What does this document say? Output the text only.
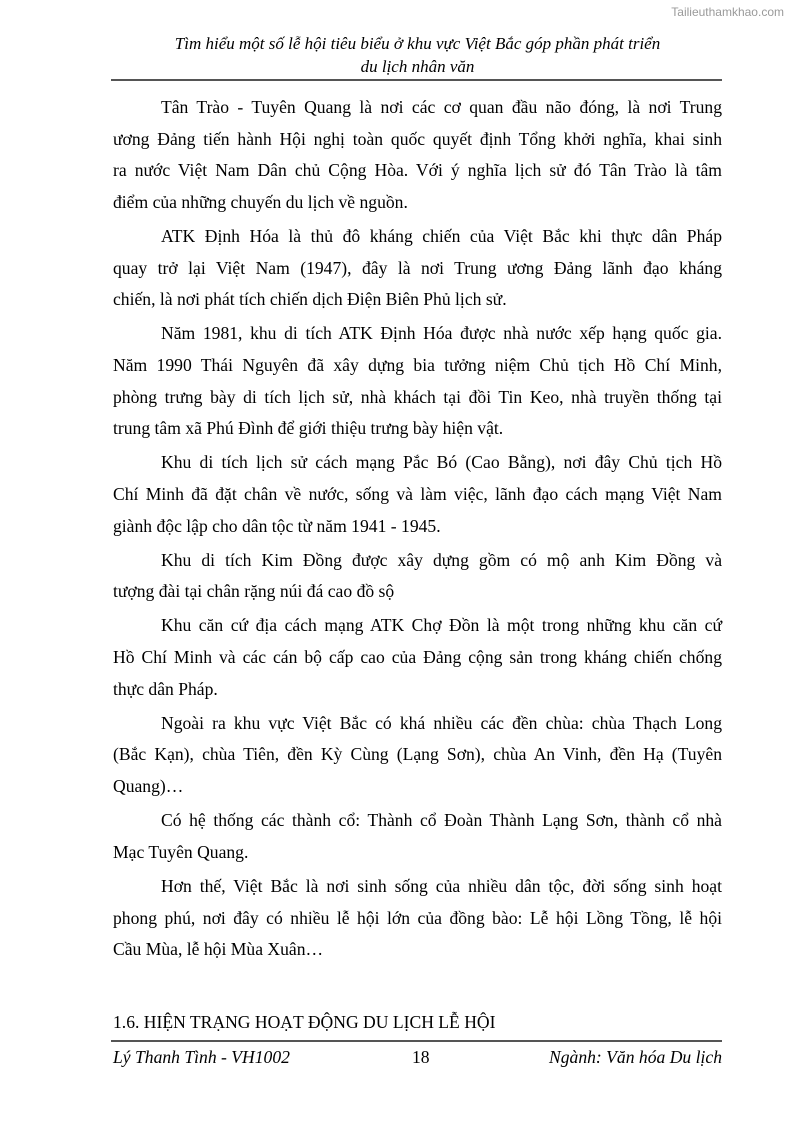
Tailieuthamkhao.com
Tìm hiểu một số lễ hội tiêu biểu ở khu vực Việt Bắc góp phần phát triển
du lịch nhân văn
Tân Trào - Tuyên Quang là nơi các cơ quan đầu não đóng, là nơi Trung
ương Đảng tiến hành Hội nghị toàn quốc quyết định Tổng khởi nghĩa, khai sinh
ra nước Việt Nam Dân chủ Cộng Hòa. Với ý nghĩa lịch sử đó Tân Trào là tâm
điểm của những chuyến du lịch về nguồn.
ATK Định Hóa là thủ đô kháng chiến của Việt Bắc khi thực dân Pháp
quay trở lại Việt Nam (1947), đây là nơi Trung ương Đảng lãnh đạo kháng
chiến, là nơi phát tích chiến dịch Điện Biên Phủ lịch sử.
Năm 1981, khu di tích ATK Định Hóa được nhà nước xếp hạng quốc gia.
Năm 1990 Thái Nguyên đã xây dựng bia tưởng niệm Chủ tịch Hồ Chí Minh,
phòng trưng bày di tích lịch sử, nhà khách tại đồi Tin Keo, nhà truyền thống tại
trung tâm xã Phú Đình để giới thiệu trưng bày hiện vật.
Khu di tích lịch sử cách mạng Pắc Bó (Cao Bằng), nơi đây Chủ tịch Hồ
Chí Minh đã đặt chân về nước, sống và làm việc, lãnh đạo cách mạng Việt Nam
giành độc lập cho dân tộc từ năm 1941 - 1945.
Khu di tích Kim Đồng được xây dựng gồm có mộ anh Kim Đồng và
tượng đài tại chân rặng núi đá cao đồ sộ
Khu căn cứ địa cách mạng ATK Chợ Đồn là một trong những khu căn cứ
Hồ Chí Minh và các cán bộ cấp cao của Đảng cộng sản trong kháng chiến chống
thực dân Pháp.
Ngoài ra khu vực Việt Bắc có khá nhiều các đền chùa: chùa Thạch Long
(Bắc Kạn), chùa Tiên, đền Kỳ Cùng (Lạng Sơn), chùa An Vinh, đền Hạ (Tuyên
Quang)…
Có hệ thống các thành cổ: Thành cổ Đoàn Thành Lạng Sơn, thành cổ nhà
Mạc Tuyên Quang.
Hơn thế, Việt Bắc là nơi sinh sống của nhiều dân tộc, đời sống sinh hoạt
phong phú, nơi đây có nhiều lễ hội lớn của đồng bào: Lễ hội Lồng Tồng, lễ hội
Cầu Mùa, lễ hội Mùa Xuân…
1.6. HIỆN TRẠNG HOẠT ĐỘNG DU LỊCH LỄ HỘI
Lý Thanh Tình - VH1002	18	Ngành: Văn hóa Du lịch
